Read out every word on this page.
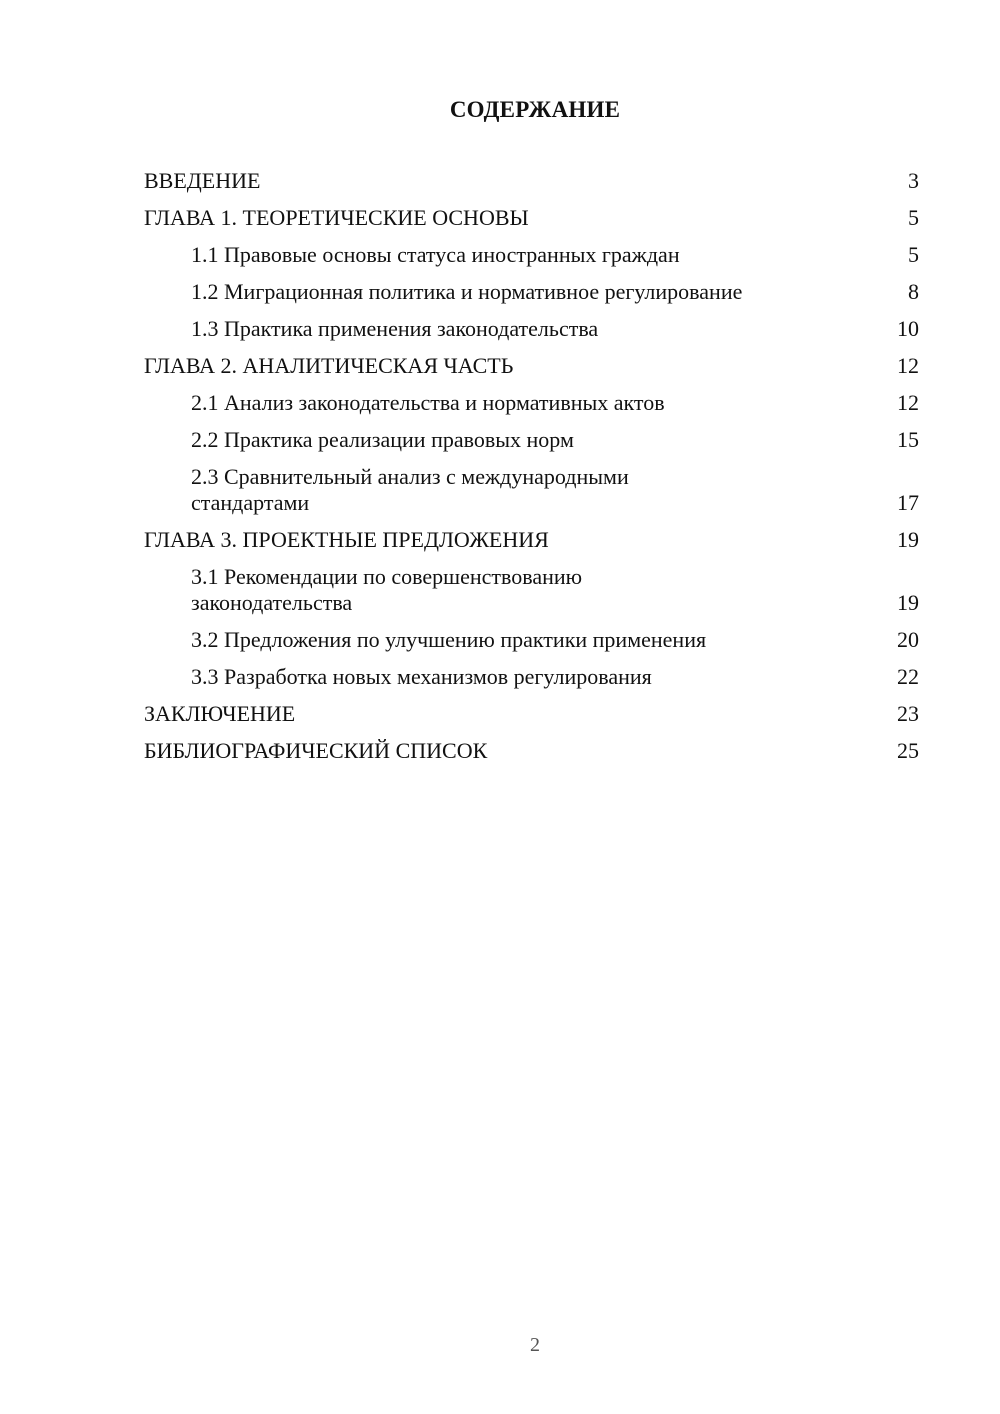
СОДЕРЖАНИЕ
ВВЕДЕНИЕ	3
ГЛАВА 1. ТЕОРЕТИЧЕСКИЕ ОСНОВЫ	5
1.1 Правовые основы статуса иностранных граждан	5
1.2 Миграционная политика и нормативное регулирование	8
1.3 Практика применения законодательства	10
ГЛАВА 2. АНАЛИТИЧЕСКАЯ ЧАСТЬ	12
2.1 Анализ законодательства и нормативных актов	12
2.2 Практика реализации правовых норм	15
2.3 Сравнительный анализ с международными стандартами	17
ГЛАВА 3. ПРОЕКТНЫЕ ПРЕДЛОЖЕНИЯ	19
3.1 Рекомендации по совершенствованию законодательства	19
3.2 Предложения по улучшению практики применения	20
3.3 Разработка новых механизмов регулирования	22
ЗАКЛЮЧЕНИЕ	23
БИБЛИОГРАФИЧЕСКИЙ СПИСОК	25
2
